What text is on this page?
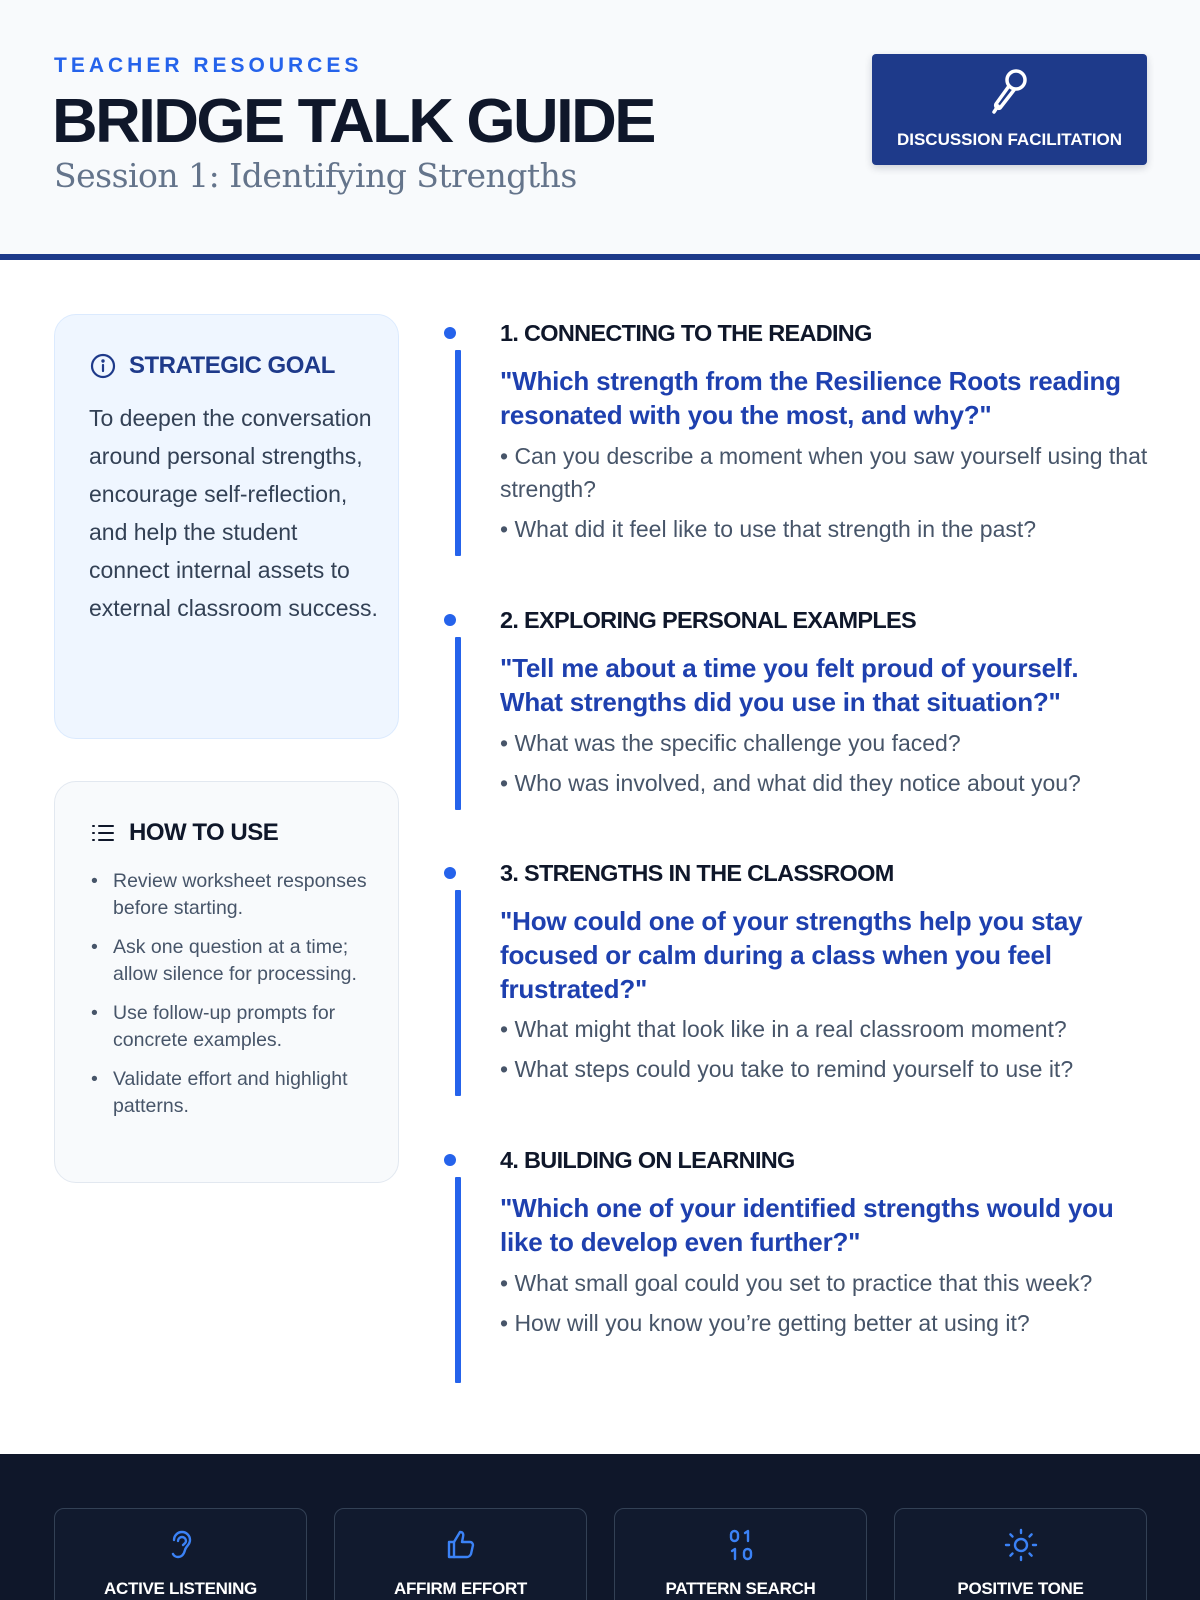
TEACHER RESOURCES
BRIDGE TALK GUIDE
Session 1: Identifying Strengths
DISCUSSION FACILITATION
STRATEGIC GOAL
To deepen the conversation around personal strengths, encourage self-reflection, and help the student connect internal assets to external classroom success.
HOW TO USE
• Review worksheet responses before starting.
• Ask one question at a time; allow silence for processing.
• Use follow-up prompts for concrete examples.
• Validate effort and highlight patterns.
1. CONNECTING TO THE READING
"Which strength from the Resilience Roots reading resonated with you the most, and why?"
• Can you describe a moment when you saw yourself using that strength?
• What did it feel like to use that strength in the past?
2. EXPLORING PERSONAL EXAMPLES
"Tell me about a time you felt proud of yourself. What strengths did you use in that situation?"
• What was the specific challenge you faced?
• Who was involved, and what did they notice about you?
3. STRENGTHS IN THE CLASSROOM
"How could one of your strengths help you stay focused or calm during a class when you feel frustrated?"
• What might that look like in a real classroom moment?
• What steps could you take to remind yourself to use it?
4. BUILDING ON LEARNING
"Which one of your identified strengths would you like to develop even further?"
• What small goal could you set to practice that this week?
• How will you know you’re getting better at using it?
ACTIVE LISTENING	AFFIRM EFFORT	PATTERN SEARCH	POSITIVE TONE
